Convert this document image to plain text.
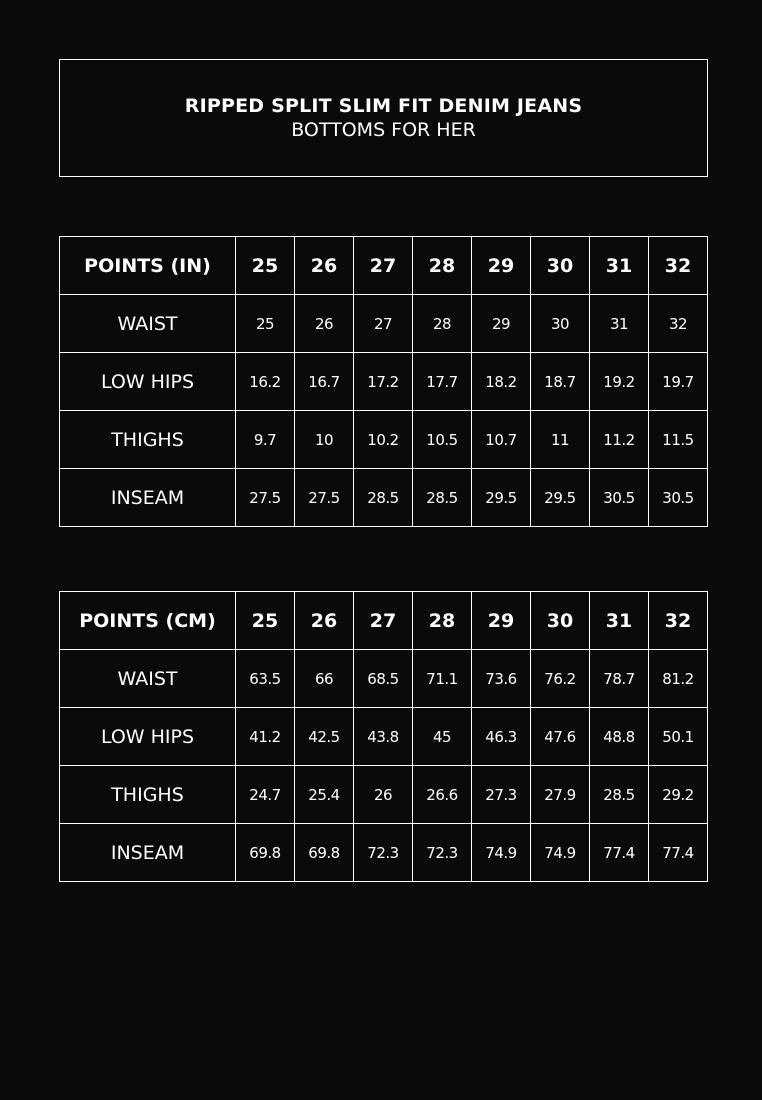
RIPPED SPLIT SLIM FIT DENIM JEANS
BOTTOMS FOR HER
POINTS (IN)	25	26	27	28	29	30	31	32
WAIST	25	26	27	28	29	30	31	32
LOW HIPS	16.2	16.7	17.2	17.7	18.2	18.7	19.2	19.7
THIGHS	9.7	10	10.2	10.5	10.7	11	11.2	11.5
INSEAM	27.5	27.5	28.5	28.5	29.5	29.5	30.5	30.5
POINTS (CM)	25	26	27	28	29	30	31	32
WAIST	63.5	66	68.5	71.1	73.6	76.2	78.7	81.2
LOW HIPS	41.2	42.5	43.8	45	46.3	47.6	48.8	50.1
THIGHS	24.7	25.4	26	26.6	27.3	27.9	28.5	29.2
INSEAM	69.8	69.8	72.3	72.3	74.9	74.9	77.4	77.4
